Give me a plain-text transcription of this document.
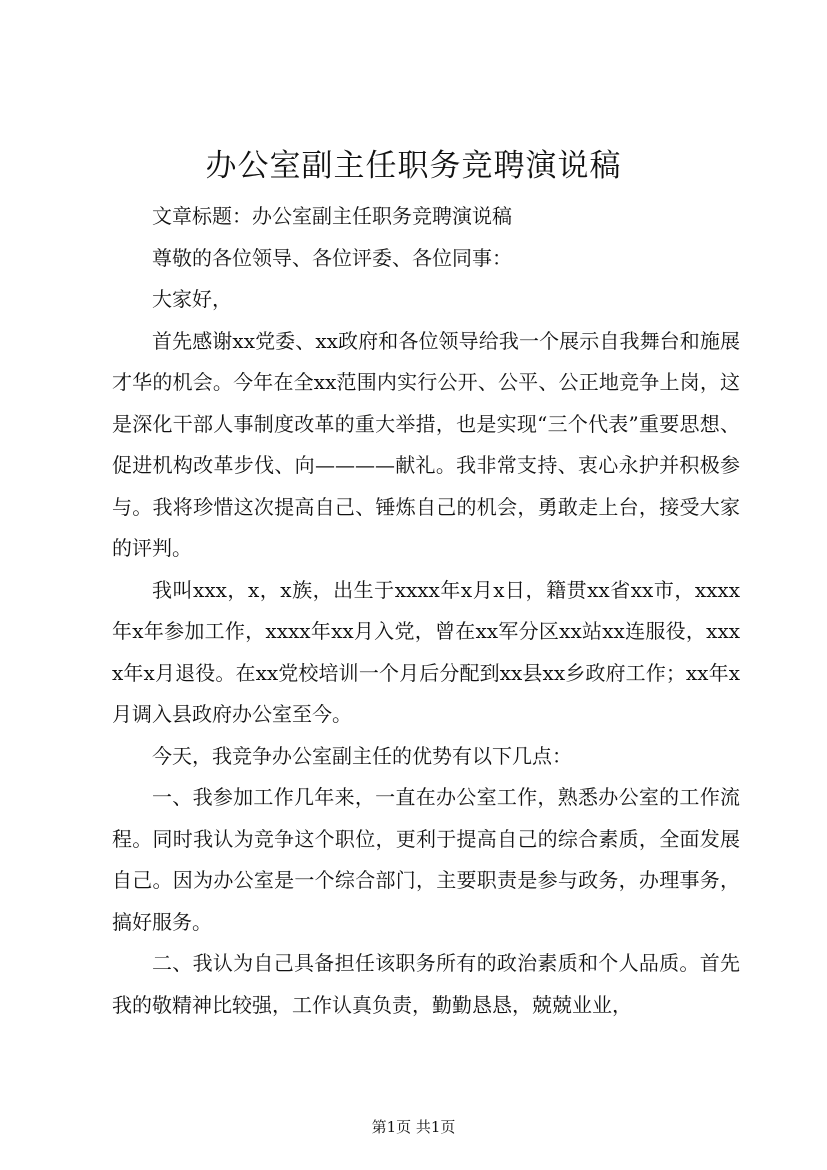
办公室副主任职务竞聘演说稿

文章标题：办公室副主任职务竞聘演说稿

尊敬的各位领导、各位评委、各位同事：

大家好，

首先感谢xx党委、xx政府和各位领导给我一个展示自我舞台和施展才华的机会。今年在全xx范围内实行公开、公平、公正地竞争上岗，这是深化干部人事制度改革的重大举措，也是实现“三个代表”重要思想、促进机构改革步伐、向————献礼。我非常支持、衷心永护并积极参与。我将珍惜这次提高自己、锤炼自己的机会，勇敢走上台，接受大家的评判。

我叫xxx，x，x族，出生于xxxx年x月x日，籍贯xx省xx市，xxxx年x年参加工作，xxxx年xx月入党，曾在xx军分区xx站xx连服役，xxxx年x月退役。在xx党校培训一个月后分配到xx县xx乡政府工作；xx年x月调入县政府办公室至今。

今天，我竞争办公室副主任的优势有以下几点：

一、我参加工作几年来，一直在办公室工作，熟悉办公室的工作流程。同时我认为竞争这个职位，更利于提高自己的综合素质，全面发展自己。因为办公室是一个综合部门，主要职责是参与政务，办理事务，搞好服务。

二、我认为自己具备担任该职务所有的政治素质和个人品质。首先我的敬精神比较强，工作认真负责，勤勤恳恳，兢兢业业，

第1页 共1页
